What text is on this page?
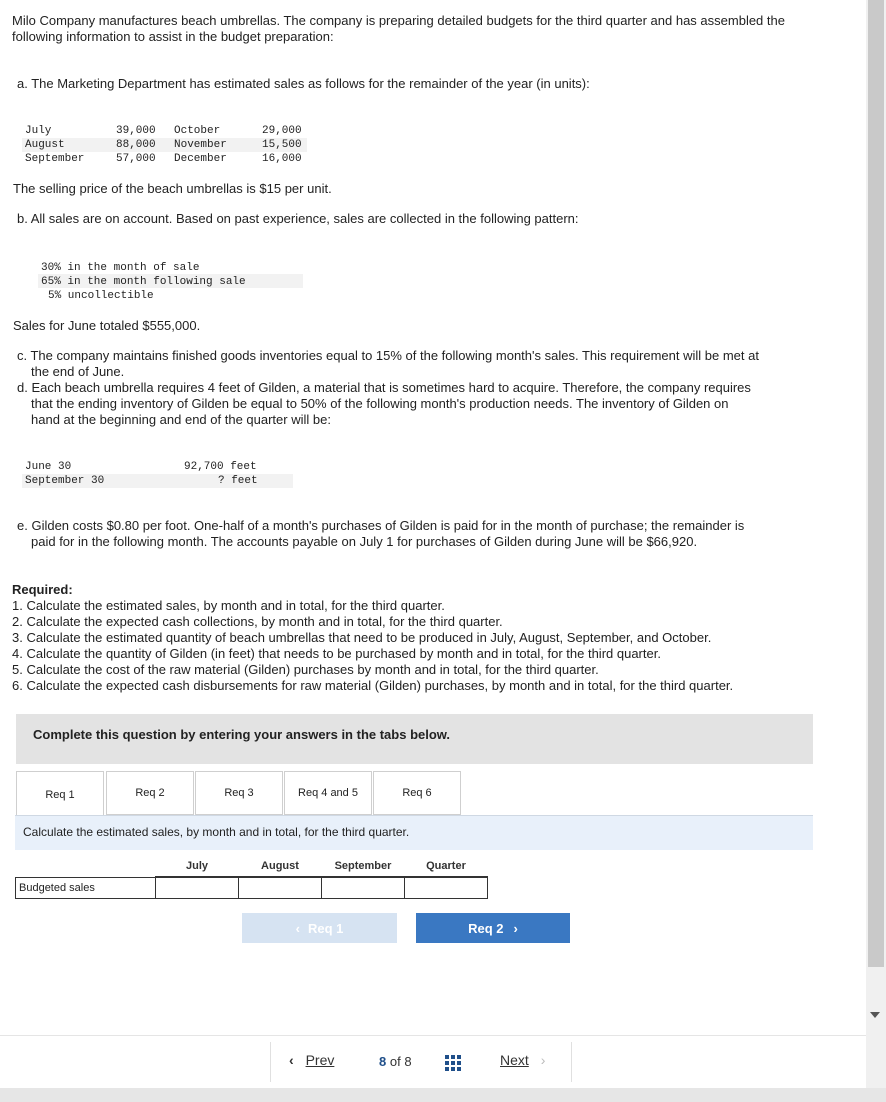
Milo Company manufactures beach umbrellas. The company is preparing detailed budgets for the third quarter and has assembled the following information to assist in the budget preparation:
a. The Marketing Department has estimated sales as follows for the remainder of the year (in units):
July	39,000 October	29,000
August	88,000 November	15,500
September	57,000 December	16,000
The selling price of the beach umbrellas is $15 per unit.
b. All sales are on account. Based on past experience, sales are collected in the following pattern:
30% in the month of sale
65% in the month following sale
5% uncollectible
Sales for June totaled $555,000.
c. The company maintains finished goods inventories equal to 15% of the following month's sales. This requirement will be met at
the end of June.
d. Each beach umbrella requires 4 feet of Gilden, a material that is sometimes hard to acquire. Therefore, the company requires
that the ending inventory of Gilden be equal to 50% of the following month's production needs. The inventory of Gilden on
hand at the beginning and end of the quarter will be:
June 30	92,700 feet
September 30	? feet
e. Gilden costs $0.80 per foot. One-half of a month's purchases of Gilden is paid for in the month of purchase; the remainder is
paid for in the following month. The accounts payable on July 1 for purchases of Gilden during June will be $66,920.
Required:
1. Calculate the estimated sales, by month and in total, for the third quarter.
2. Calculate the expected cash collections, by month and in total, for the third quarter.
3. Calculate the estimated quantity of beach umbrellas that need to be produced in July, August, September, and October.
4. Calculate the quantity of Gilden (in feet) that needs to be purchased by month and in total, for the third quarter.
5. Calculate the cost of the raw material (Gilden) purchases by month and in total, for the third quarter.
6. Calculate the expected cash disbursements for raw material (Gilden) purchases, by month and in total, for the third quarter.
Complete this question by entering your answers in the tabs below.
Req 1	Req 2	Req 3	Req 4 and 5	Req 6
Calculate the estimated sales, by month and in total, for the third quarter.
	July	August	September	Quarter
Budgeted sales				
‹ Req 1	Req 2 ›
‹ Prev	8 of 8	Next ›
